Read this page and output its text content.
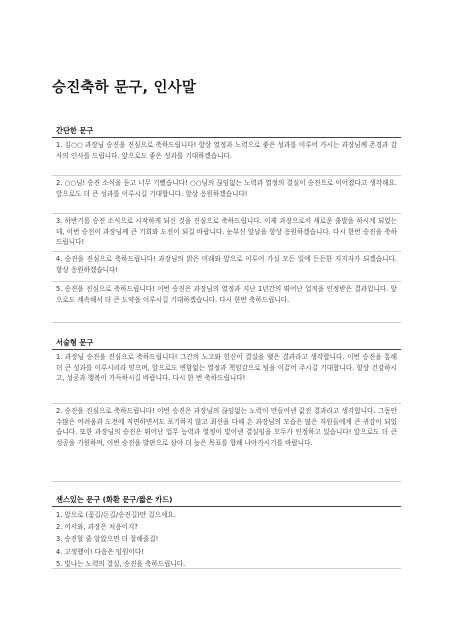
승진축하 문구, 인사말
간단한 문구
1. 김○○ 과장님 승진을 진심으로 축하드립니다! 항상 열정과 노력으로 좋은 성과를 이루어 가시는 과장님께 존경과 감사의 인사를 드립니다. 앞으로도 좋은 성과를 기대하겠습니다.
2. ○○님! 승진 소식을 듣고 너무 기뻤습니다! ○○님의 끊임없는 노력과 열정의 결실이 승진으로 이어졌다고 생각해요. 앞으로도 더 큰 성과를 이루시길 기대합니다. 항상 응원하겠습니다!
3. 하반기를 승진 소식으로 시작하게 되신 것을 진심으로 축하드립니다. 이제 과장으로서 새로운 출발을 하시게 되었는데, 이번 승진이 과장님께 큰 기회와 도전이 되길 바랍니다. 눈부신 앞날을 항상 응원하겠습니다. 다시 한번 승진을 축하드립니다!
4. 승진을 진심으로 축하드립니다! 과장님의 밝은 미래와 앞으로 이루어 가실 모든 일에 든든한 지지자가 되겠습니다. 항상 응원하겠습니다!
5. 승진을 진심으로 축하드립니다! 이번 승진은 과장님의 열정과 지난 1년간의 뛰어난 업적을 인정받은 결과입니다. 앞으로도 계속해서 더 큰 도약을 이루시길 기대하겠습니다. 다시 한번 축하드립니다.
서술형 문구
1. 과장님 승진을 진심으로 축하드립니다! 그간의 노고와 헌신이 결실을 맺은 결과라고 생각합니다. 이번 승진을 통해 더 큰 성과를 이루시리라 믿으며, 앞으로도 변함없는 열정과 책임감으로 팀을 이끌어 주시길 기대합니다. 항상 건강하시고, 성공과 행복이 가득하시길 바랍니다. 다시 한 번 축하드립니다!
2. 승진을 진심으로 축하드립니다! 이번 승진은 과장님의 끊임없는 노력이 만들어낸 값진 결과라고 생각합니다. 그동안 수많은 어려움과 도전에 직면하면서도 포기하지 않고 최선을 다해 온 과장님의 모습은 많은 직원들에게 큰 귀감이 되었습니다. 또한 과장님의 승진은 뛰어난 업무 능력과 열정이 빛어낸 결실임을 모두가 인정하고 있습니다! 앞으로도 더 큰 성공을 기원하며, 이번 승진을 발판으로 삼아 더 높은 목표를 향해 나아가시기를 바랍니다.
센스있는 문구 (화환 문구/짧은 카드)
1. 앞으로 (꽃길/돈길/승진길)만 걸으세요.
2. 어서와, 과장은 처음이지?
3. 승진할 줄 알았으면 더 잘해줄걸!
4. 고생했어! 다음은 임원이다!
5. 빛나는 노력의 결실, 승진을 축하드립니다.
